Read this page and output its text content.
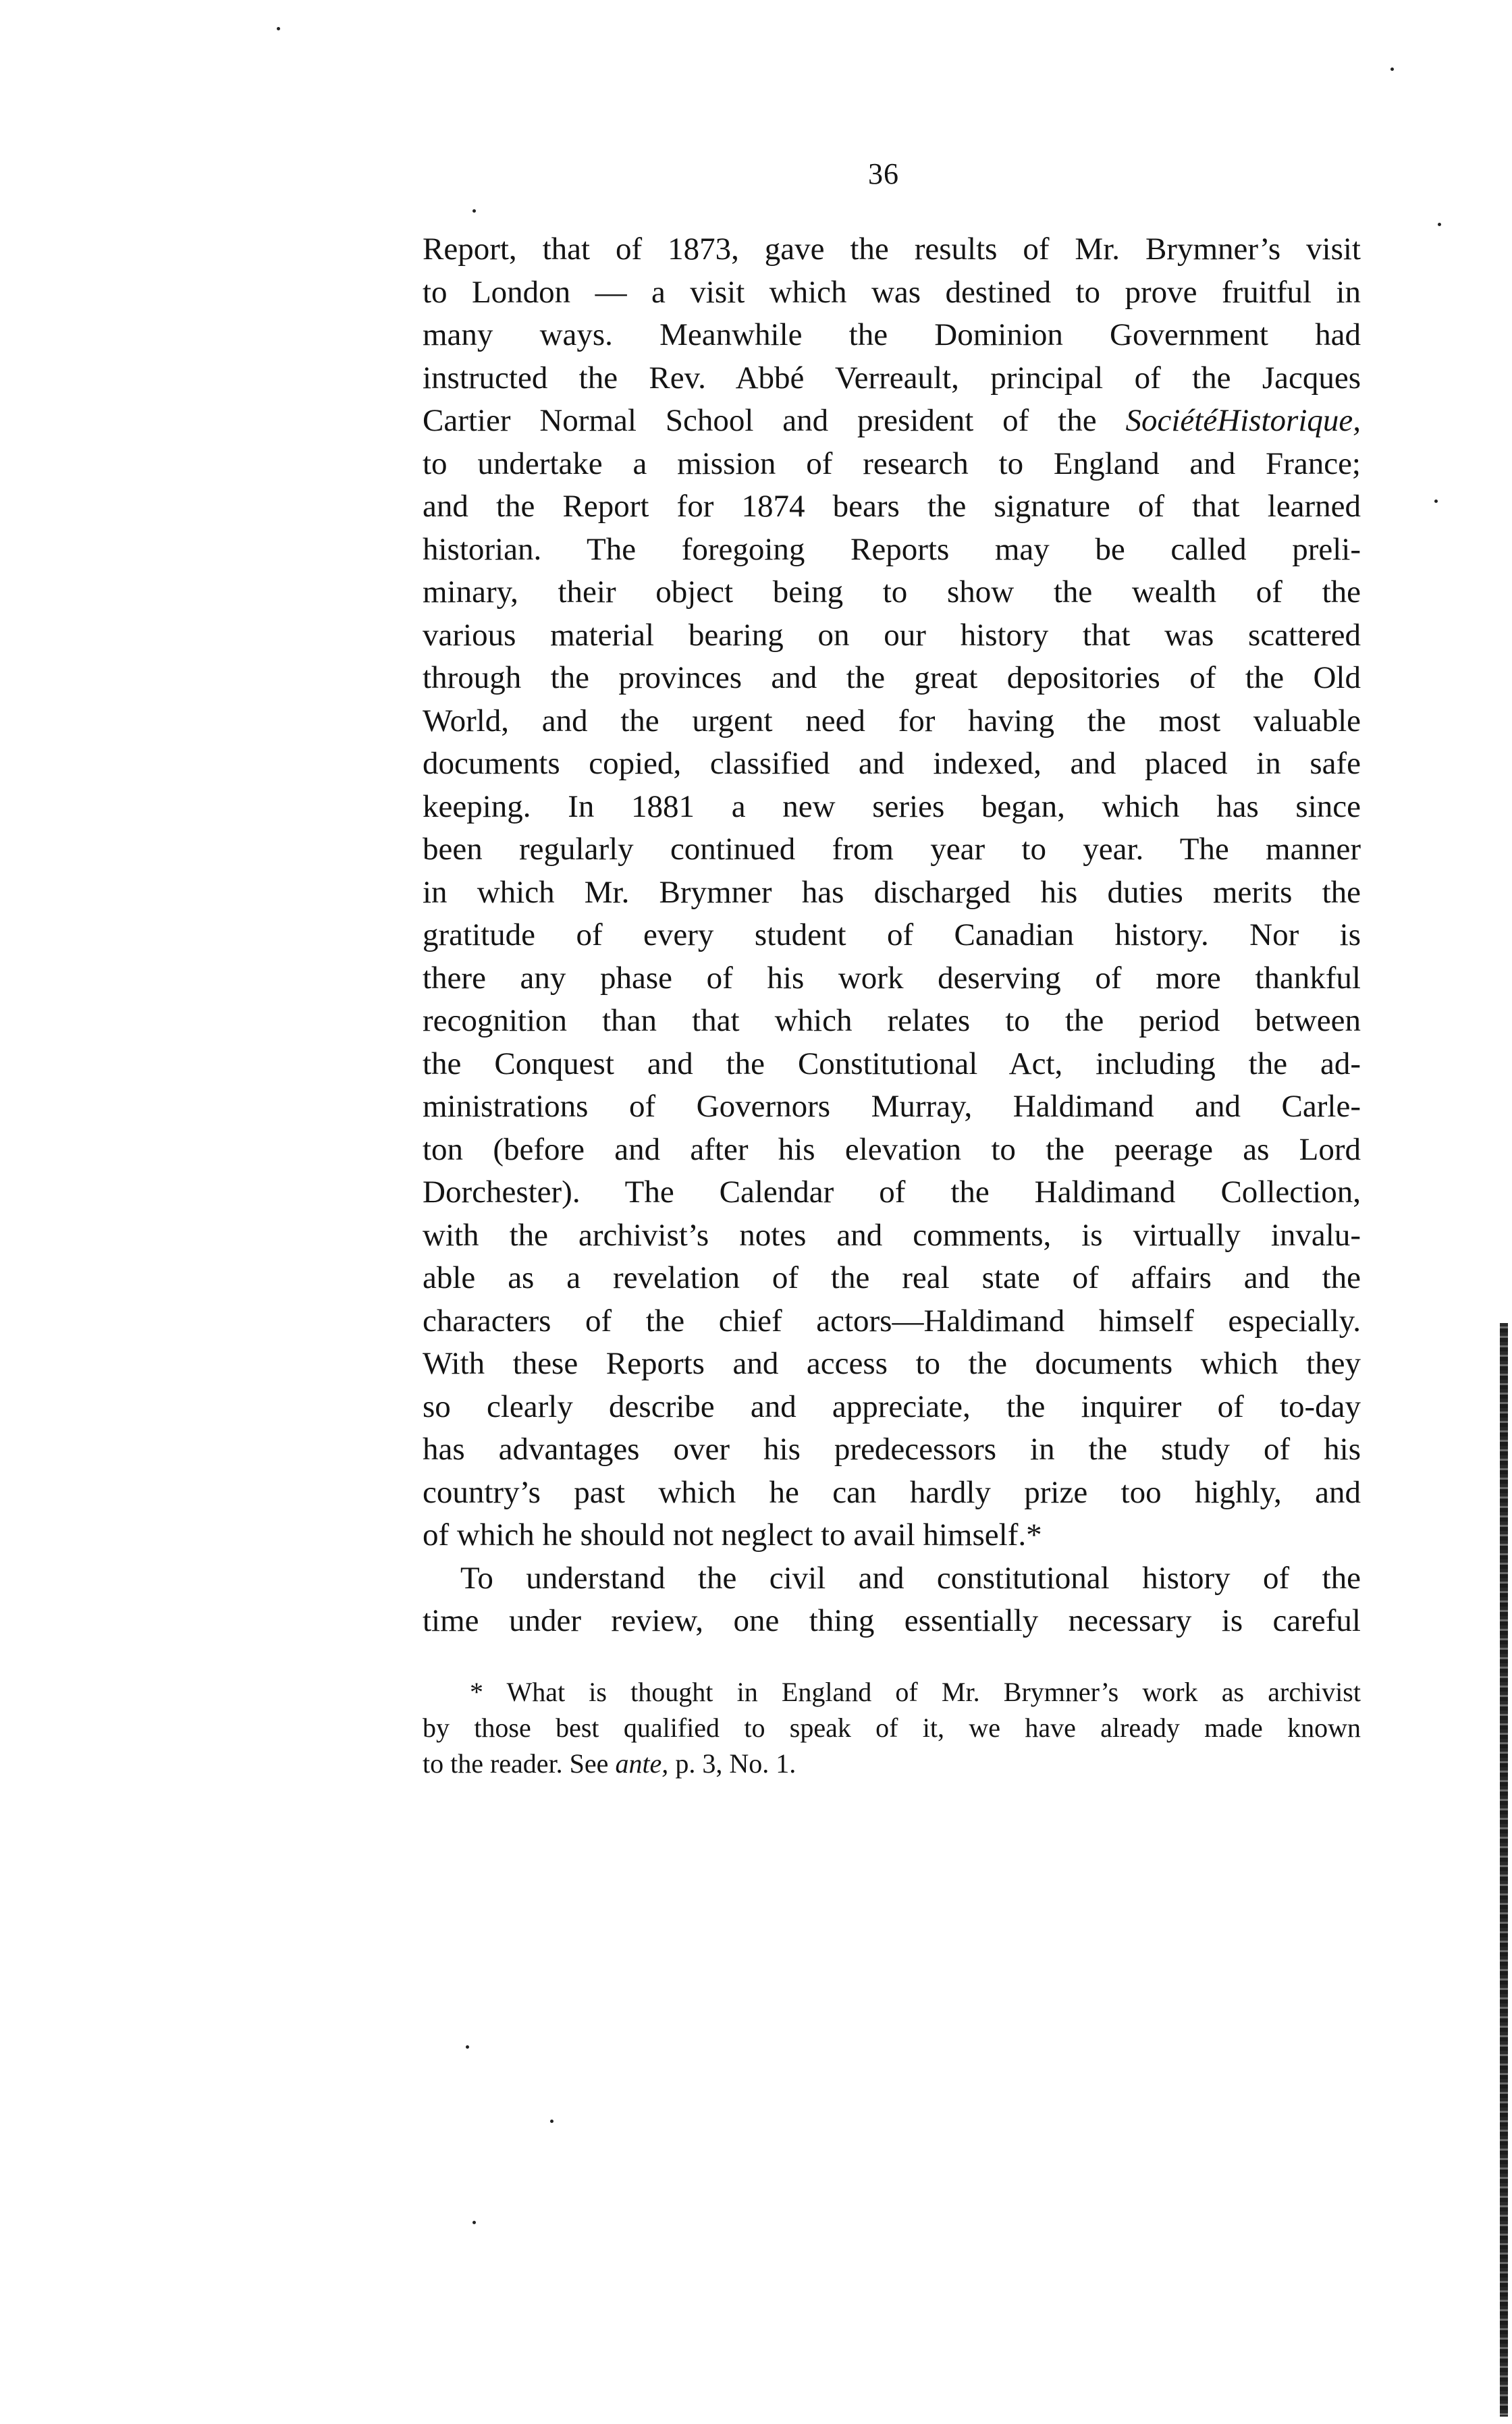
36
Report, that of 1873, gave the results of Mr. Brymner’s visit
to London — a visit which was destined to prove fruitful in
many ways. Meanwhile the Dominion Government had
instructed the Rev. Abbé Verreault, principal of the Jacques
Cartier Normal School and president of the SociétéHistorique,
to undertake a mission of research to England and France;
and the Report for 1874 bears the signature of that learned
historian. The foregoing Reports may be called preli-
minary, their object being to show the wealth of the
various material bearing on our history that was scattered
through the provinces and the great depositories of the Old
World, and the urgent need for having the most valuable
documents copied, classified and indexed, and placed in safe
keeping. In 1881 a new series began, which has since
been regularly continued from year to year. The manner
in which Mr. Brymner has discharged his duties merits the
gratitude of every student of Canadian history. Nor is
there any phase of his work deserving of more thankful
recognition than that which relates to the period between
the Conquest and the Constitutional Act, including the ad-
ministrations of Governors Murray, Haldimand and Carle-
ton (before and after his elevation to the peerage as Lord
Dorchester). The Calendar of the Haldimand Collection,
with the archivist’s notes and comments, is virtually invalu-
able as a revelation of the real state of affairs and the
characters of the chief actors—Haldimand himself especially.
With these Reports and access to the documents which they
so clearly describe and appreciate, the inquirer of to-day
has advantages over his predecessors in the study of his
country’s past which he can hardly prize too highly, and
of which he should not neglect to avail himself.*
To understand the civil and constitutional history of the
time under review, one thing essentially necessary is careful
* What is thought in England of Mr. Brymner’s work as archivist
by those best qualified to speak of it, we have already made known
to the reader. See ante, p. 3, No. 1.
